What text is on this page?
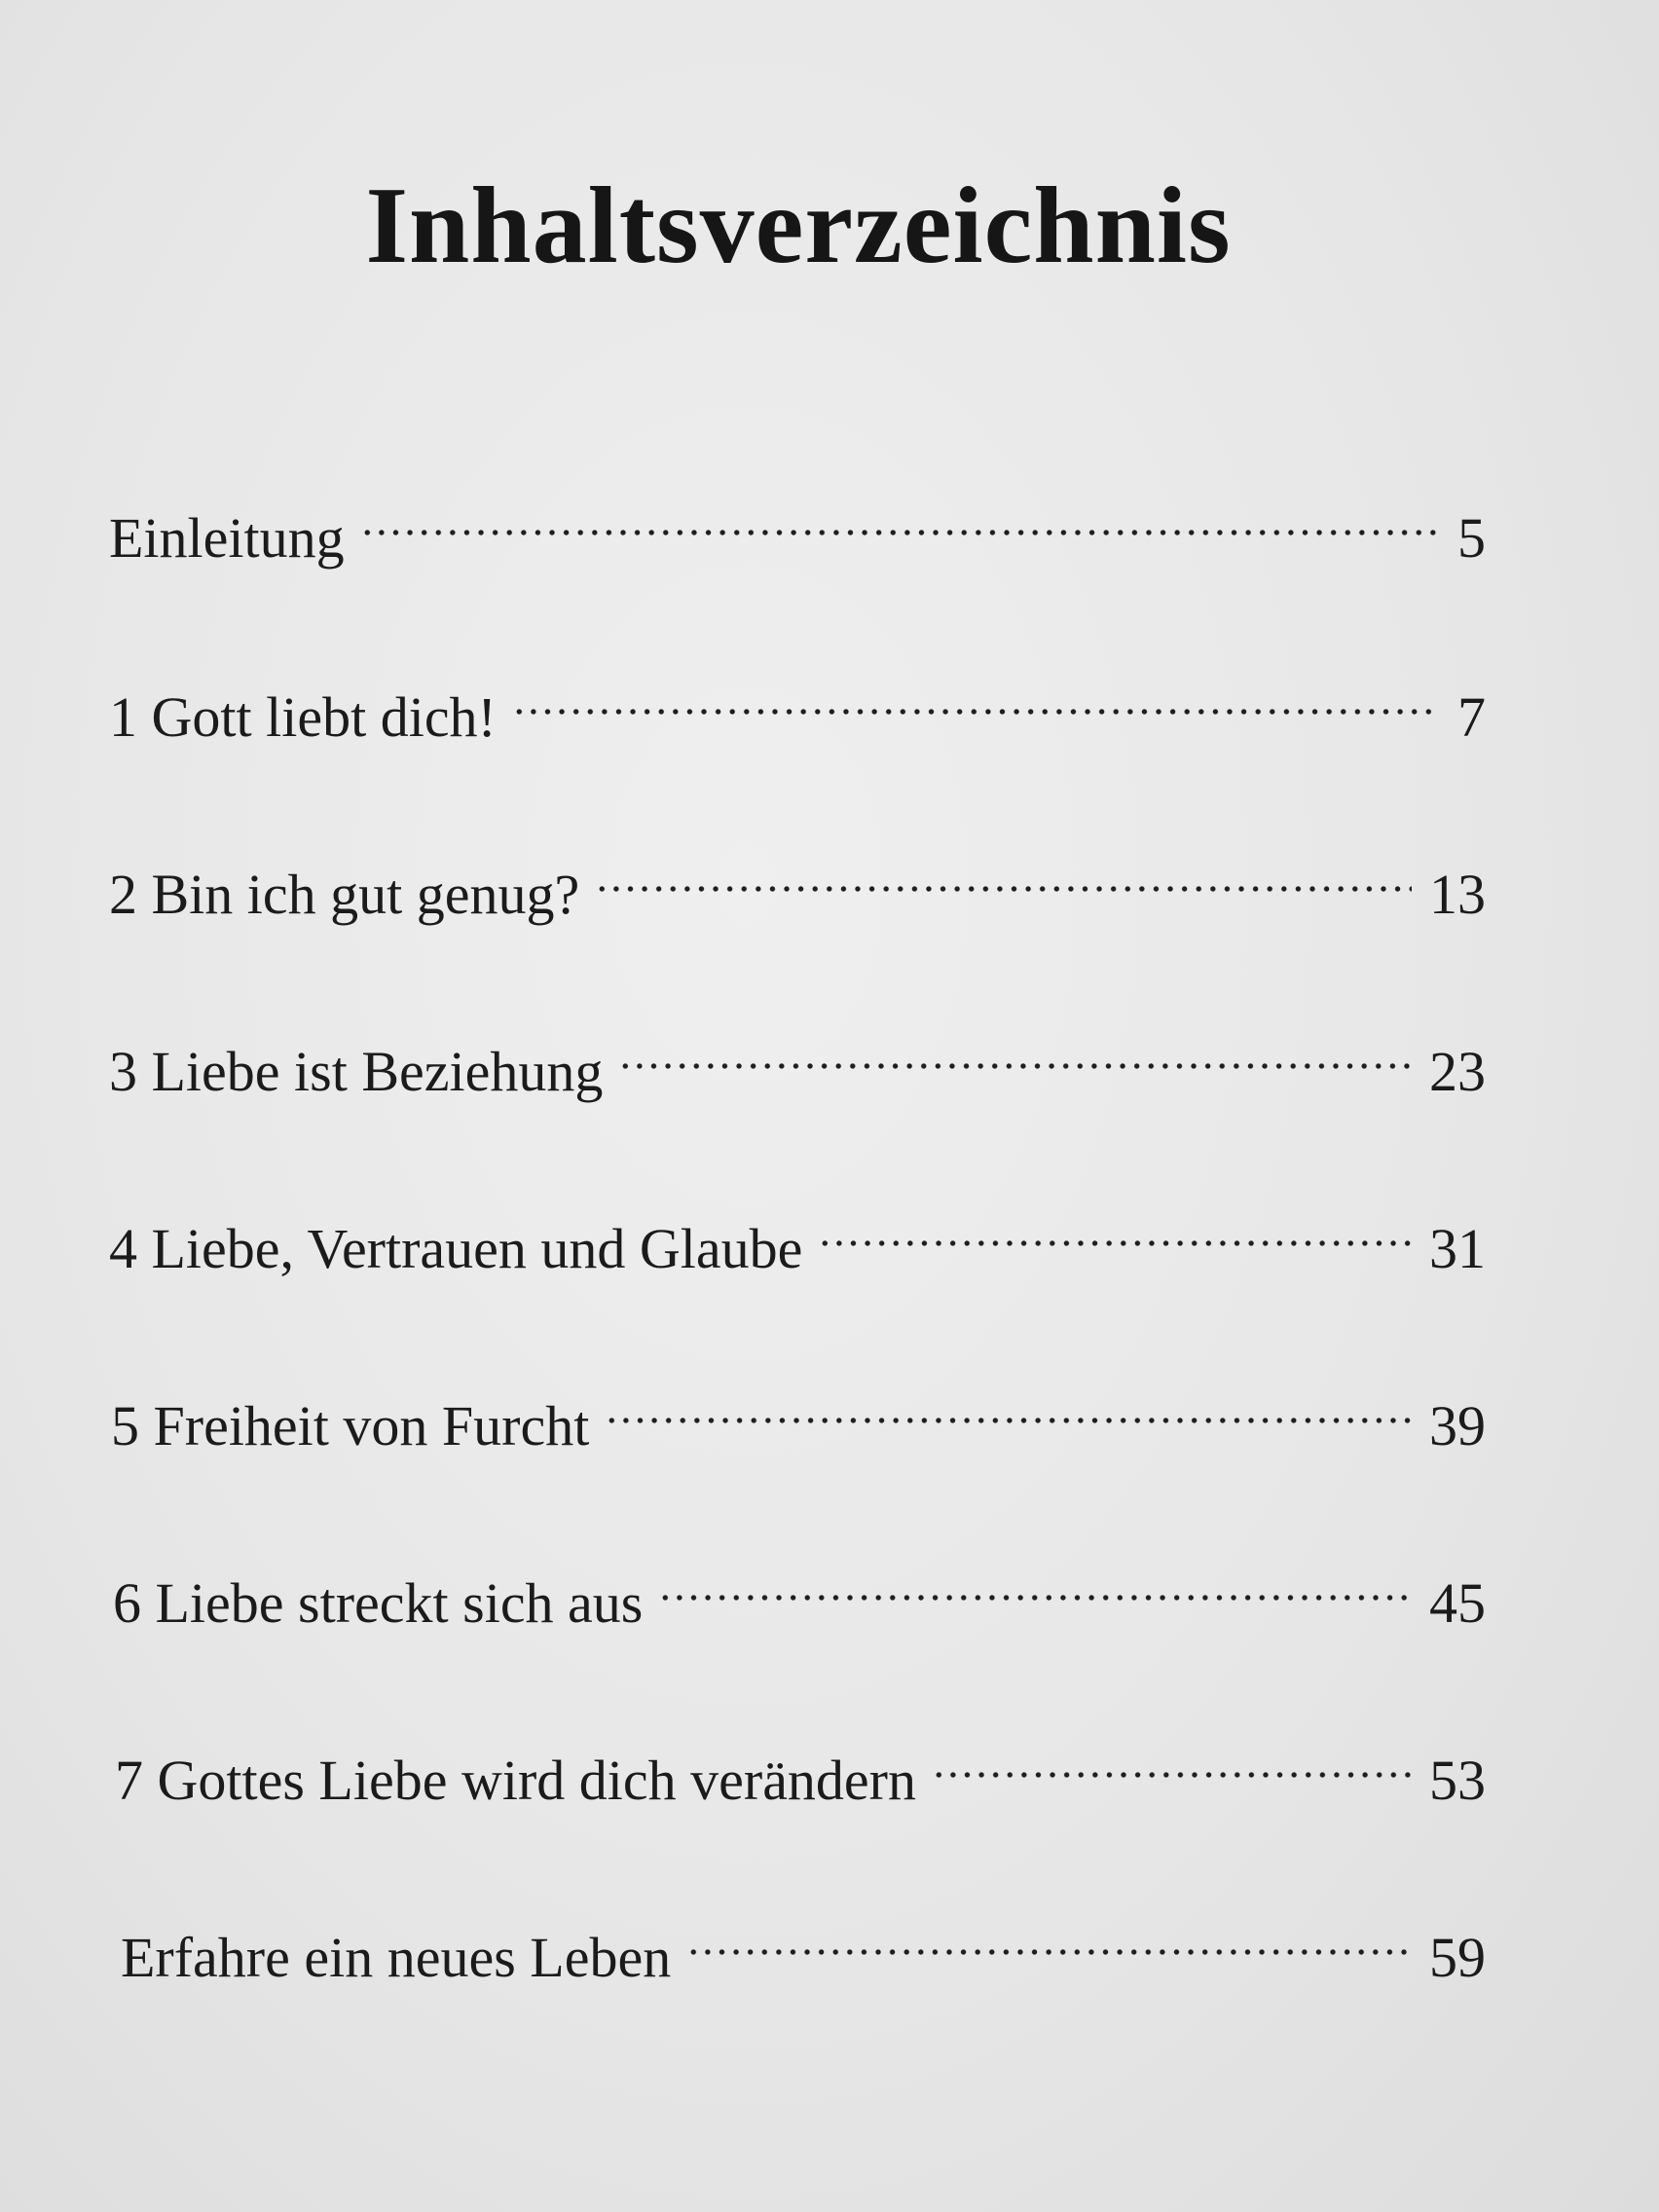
Inhaltsverzeichnis
Einleitung	5
1 Gott liebt dich!	7
2 Bin ich gut genug?	13
3 Liebe ist Beziehung	23
4 Liebe, Vertrauen und Glaube	31
5 Freiheit von Furcht	39
6 Liebe streckt sich aus	45
7 Gottes Liebe wird dich verändern	53
Erfahre ein neues Leben	59
